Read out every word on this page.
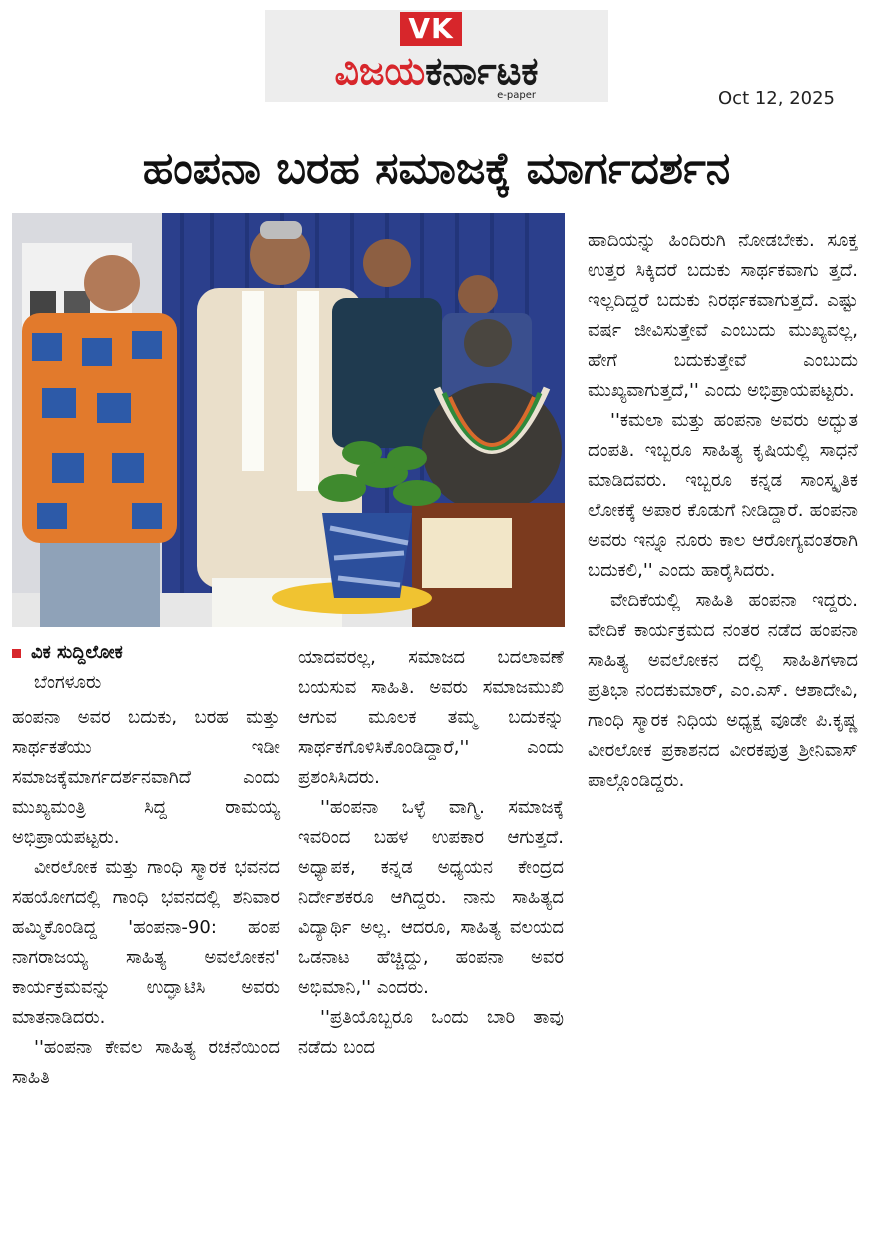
VK
ವಿಜಯಕರ್ನಾಟಕ
e-paper	Oct 12, 2025
ಹಂಪನಾ ಬರಹ ಸಮಾಜಕ್ಕೆ ಮಾರ್ಗದರ್ಶನ
ವಿಕ ಸುದ್ದಿಲೋಕ
ಬೆಂಗಳೂರು

ಹಂಪನಾ ಅವರ ಬದುಕು, ಬರಹ ಮತ್ತು ಸಾರ್ಥಕತೆಯು ಇಡೀ ಸಮಾಜಕ್ಕೆಮಾರ್ಗದರ್ಶನವಾಗಿದೆ ಎಂದು ಮುಖ್ಯಮಂತ್ರಿ ಸಿದ್ದ ರಾಮಯ್ಯ ಅಭಿಪ್ರಾಯಪಟ್ಟರು.

ವೀರಲೋಕ ಮತ್ತು ಗಾಂಧಿ ಸ್ಮಾರಕ ಭವನದ ಸಹಯೋಗದಲ್ಲಿ ಗಾಂಧಿ ಭವನದಲ್ಲಿ ಶನಿವಾರ ಹಮ್ಮಿಕೊಂಡಿದ್ದ 'ಹಂಪನಾ-90: ಹಂಪ ನಾಗರಾಜಯ್ಯ ಸಾಹಿತ್ಯ ಅವಲೋಕನ' ಕಾರ್ಯಕ್ರಮವನ್ನು ಉದ್ಘಾಟಿಸಿ ಅವರು ಮಾತನಾಡಿದರು.

''ಹಂಪನಾ ಕೇವಲ ಸಾಹಿತ್ಯ ರಚನೆಯಿಂದ ಸಾಹಿತಿ

ಯಾದವರಲ್ಲ, ಸಮಾಜದ ಬದಲಾವಣೆ ಬಯಸುವ ಸಾಹಿತಿ. ಅವರು ಸಮಾಜಮುಖಿ ಆಗುವ ಮೂಲಕ ತಮ್ಮ ಬದುಕನ್ನು ಸಾರ್ಥಕಗೊಳಿಸಿಕೊಂಡಿದ್ದಾರೆ,'' ಎಂದು ಪ್ರಶಂಸಿಸಿದರು.

''ಹಂಪನಾ ಒಳ್ಳೆ ವಾಗ್ಮಿ. ಸಮಾಜಕ್ಕೆ ಇವರಿಂದ ಬಹಳ ಉಪಕಾರ ಆಗುತ್ತದೆ. ಅಧ್ಯಾಪಕ, ಕನ್ನಡ ಅಧ್ಯಯನ ಕೇಂದ್ರದ ನಿರ್ದೇಶಕರೂ ಆಗಿದ್ದರು. ನಾನು ಸಾಹಿತ್ಯದ ವಿದ್ಯಾರ್ಥಿ ಅಲ್ಲ. ಆದರೂ, ಸಾಹಿತ್ಯ ವಲಯದ ಒಡನಾಟ ಹೆಚ್ಚಿದ್ದು, ಹಂಪನಾ ಅವರ ಅಭಿಮಾನಿ,'' ಎಂದರು.

''ಪ್ರತಿಯೊಬ್ಬರೂ ಒಂದು ಬಾರಿ ತಾವು ನಡೆದು ಬಂದ

ಹಾದಿಯನ್ನು ಹಿಂದಿರುಗಿ ನೋಡಬೇಕು. ಸೂಕ್ತ ಉತ್ತರ ಸಿಕ್ಕಿದರೆ ಬದುಕು ಸಾರ್ಥಕವಾಗು ತ್ತದೆ. ಇಲ್ಲದಿದ್ದರೆ ಬದುಕು ನಿರರ್ಥಕವಾಗುತ್ತದೆ. ಎಷ್ಟು ವರ್ಷ ಜೀವಿಸುತ್ತೇವೆ ಎಂಬುದು ಮುಖ್ಯವಲ್ಲ, ಹೇಗೆ ಬದುಕುತ್ತೇವೆ ಎಂಬುದು ಮುಖ್ಯವಾಗುತ್ತದೆ,'' ಎಂದು ಅಭಿಪ್ರಾಯಪಟ್ಟರು.

''ಕಮಲಾ ಮತ್ತು ಹಂಪನಾ ಅವರು ಅದ್ಭುತ ದಂಪತಿ. ಇಬ್ಬರೂ ಸಾಹಿತ್ಯ ಕೃಷಿಯಲ್ಲಿ ಸಾಧನೆ ಮಾಡಿದವರು. ಇಬ್ಬರೂ ಕನ್ನಡ ಸಾಂಸ್ಕೃತಿಕ ಲೋಕಕ್ಕೆ ಅಪಾರ ಕೊಡುಗೆ ನೀಡಿದ್ದಾರೆ. ಹಂಪನಾ ಅವರು ಇನ್ನೂ ನೂರು ಕಾಲ ಆರೋಗ್ಯವಂತರಾಗಿ ಬದುಕಲಿ,'' ಎಂದು ಹಾರೈಸಿದರು.

ವೇದಿಕೆಯಲ್ಲಿ ಸಾಹಿತಿ ಹಂಪನಾ ಇದ್ದರು. ವೇದಿಕೆ ಕಾರ್ಯಕ್ರಮದ ನಂತರ ನಡೆದ ಹಂಪನಾ ಸಾಹಿತ್ಯ ಅವಲೋಕನ ದಲ್ಲಿ ಸಾಹಿತಿಗಳಾದ ಪ್ರತಿಭಾ ನಂದಕುಮಾರ್, ಎಂ.ಎಸ್. ಆಶಾದೇವಿ, ಗಾಂಧಿ ಸ್ಮಾರಕ ನಿಧಿಯ ಅಧ್ಯಕ್ಷ ವೂಡೇ ಪಿ.ಕೃಷ್ಣ ವೀರಲೋಕ ಪ್ರಕಾಶನದ ವೀರಕಪುತ್ರ ಶ್ರೀನಿವಾಸ್ ಪಾಲ್ಗೊಂಡಿದ್ದರು.
